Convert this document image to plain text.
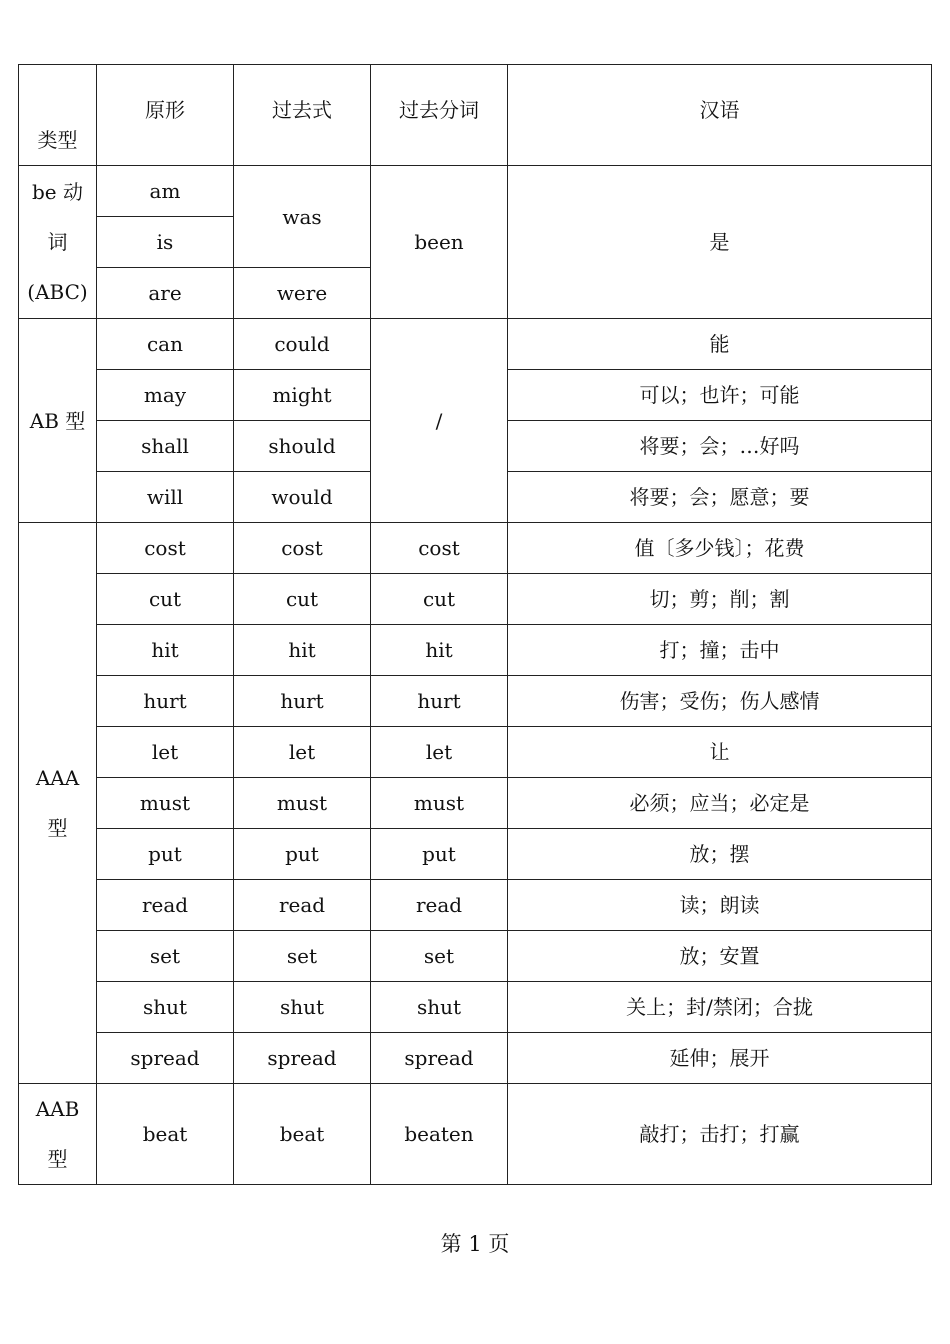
类型	原形	过去式	过去分词	汉语

be 动
词
(ABC)	am	was	been	是
	is			
	are	were		
AB 型	can	could	/	能
	may	might		可以；也许；可能
	shall	should		将要；会；…好吗
	will	would		将要；会；愿意；要

AAA
型	cost	cost	cost	值〔多少钱〕；花费
	cut	cut	cut	切；剪；削；割
	hit	hit	hit	打；撞；击中
	hurt	hurt	hurt	伤害；受伤；伤人感情
	let	let	let	让
	must	must	must	必须；应当；必定是
	put	put	put	放；摆
	read	read	read	读；朗读
	set	set	set	放；安置
	shut	shut	shut	关上；封/禁闭；合拢
	spread	spread	spread	延伸；展开

AAB
型	beat	beat	beaten	敲打；击打；打赢
第 1 页
